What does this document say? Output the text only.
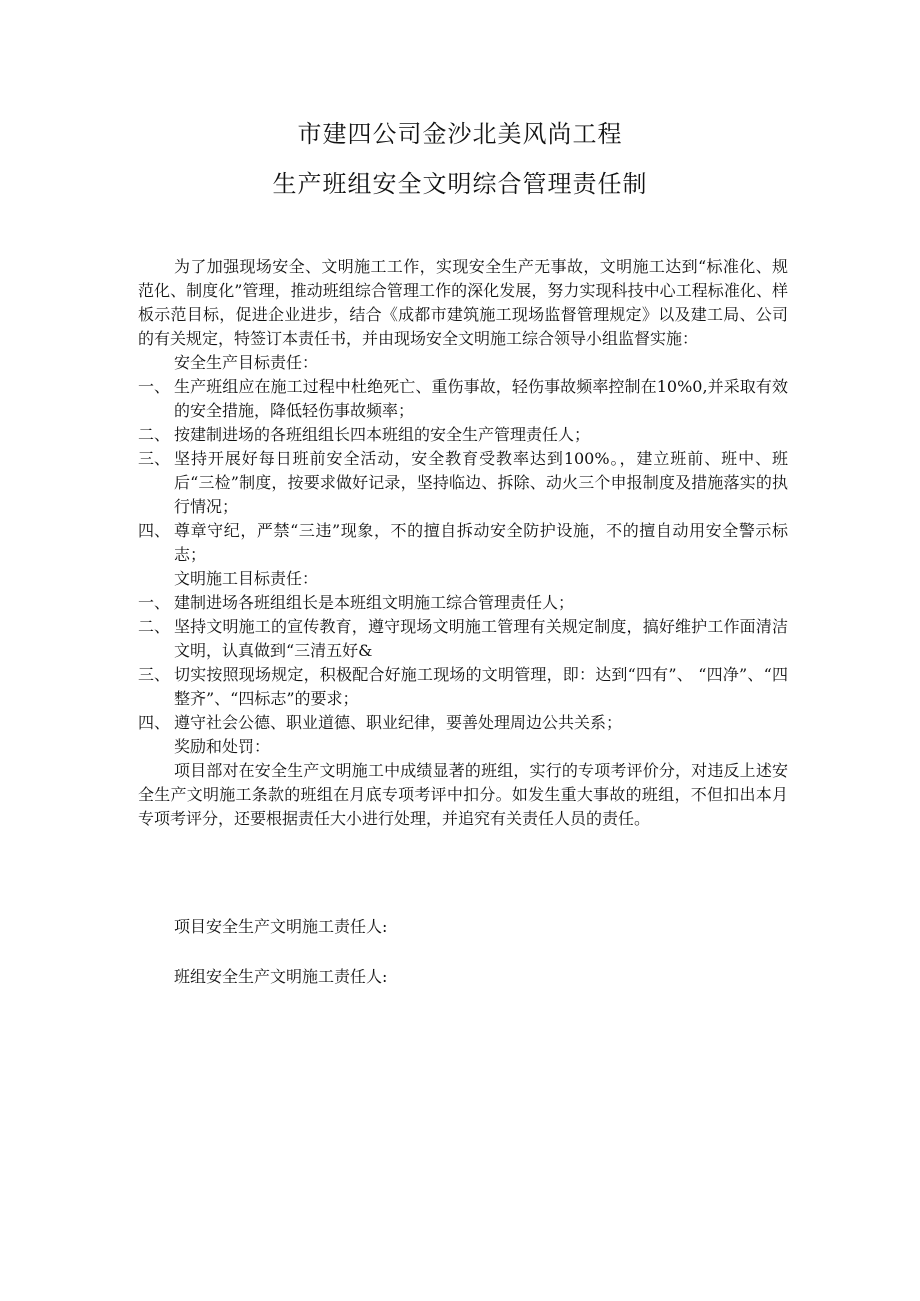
市建四公司金沙北美风尚工程
生产班组安全文明综合管理责任制

为了加强现场安全、文明施工工作，实现安全生产无事故，文明施工达到“标准化、规范化、制度化”管理，推动班组综合管理工作的深化发展，努力实现科技中心工程标准化、样板示范目标，促进企业进步，结合《成都市建筑施工现场监督管理规定》以及建工局、公司的有关规定，特签订本责任书，并由现场安全文明施工综合领导小组监督实施：

安全生产目标责任：

一、 生产班组应在施工过程中杜绝死亡、重伤事故，轻伤事故频率控制在10%0,并采取有效的安全措施，降低轻伤事故频率；
二、 按建制进场的各班组组长四本班组的安全生产管理责任人；
三、 坚持开展好每日班前安全活动，安全教育受教率达到100%。，建立班前、班中、班后“三检”制度，按要求做好记录，坚持临边、拆除、动火三个申报制度及措施落实的执行情况；
四、 尊章守纪，严禁“三违”现象，不的擅自拆动安全防护设施，不的擅自动用安全警示标志；

文明施工目标责任：

一、 建制进场各班组组长是本班组文明施工综合管理责任人；
二、 坚持文明施工的宣传教育，遵守现场文明施工管理有关规定制度，搞好维护工作面清洁文明，认真做到“三清五好&
三、 切实按照现场规定，积极配合好施工现场的文明管理，即：达到“四有”、 “四净”、“四整齐”、“四标志”的要求；
四、 遵守社会公德、职业道德、职业纪律，要善处理周边公共关系；

奖励和处罚：

项目部对在安全生产文明施工中成绩显著的班组，实行的专项考评价分，对违反上述安全生产文明施工条款的班组在月底专项考评中扣分。如发生重大事故的班组，不但扣出本月专项考评分，还要根据责任大小进行处理，并追究有关责任人员的责任。

项目安全生产文明施工责任人:
班组安全生产文明施工责任人:
